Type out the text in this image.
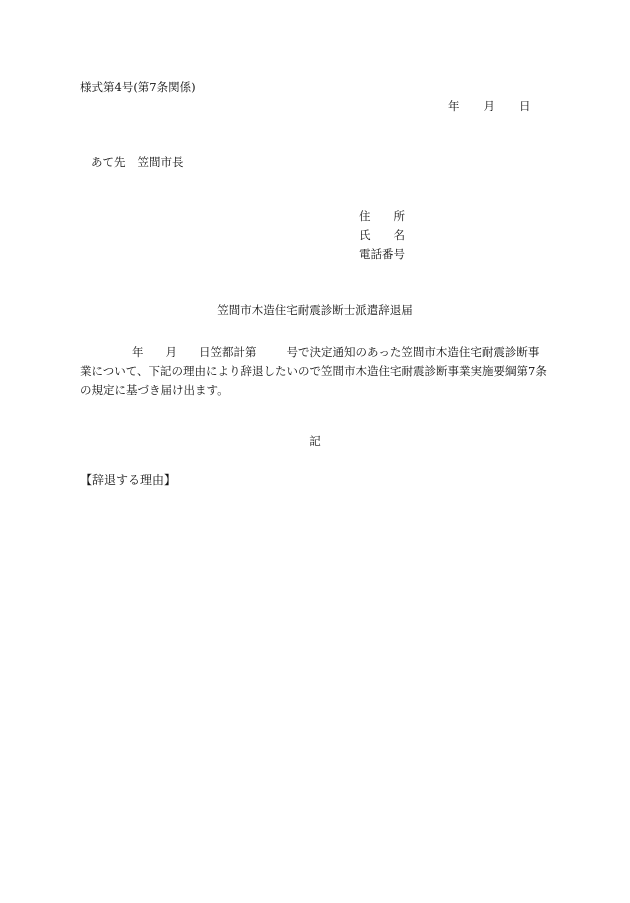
様式第4号(第7条関係)
年 月 日
あて先 笠間市長
住　　所
氏　　名
電話番号
笠間市木造住宅耐震診断士派遣辞退届
年 月 日笠都計第	号で決定通知のあった笠間市木造住宅耐震診断事業について、下記の理由により辞退したいので笠間市木造住宅耐震診断事業実施要綱第7条の規定に基づき届け出ます。
記
【辞退する理由】
